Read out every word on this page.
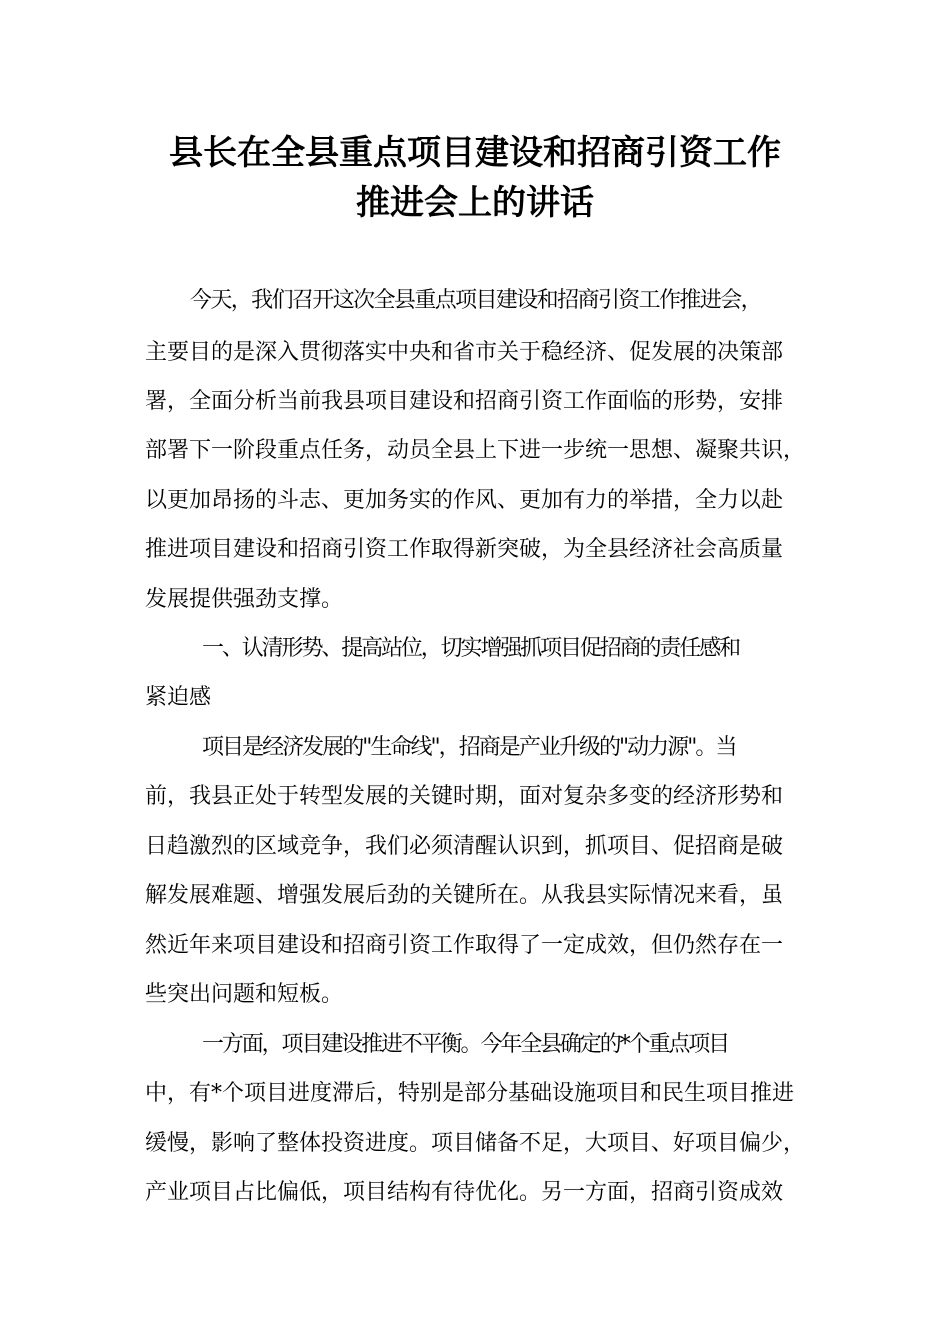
县长在全县重点项目建设和招商引资工作
推进会上的讲话
今天，我们召开这次全县重点项目建设和招商引资工作推进会，
主要目的是深入贯彻落实中央和省市关于稳经济、促发展的决策部
署，全面分析当前我县项目建设和招商引资工作面临的形势，安排
部署下一阶段重点任务，动员全县上下进一步统一思想、凝聚共识，
以更加昂扬的斗志、更加务实的作风、更加有力的举措，全力以赴
推进项目建设和招商引资工作取得新突破，为全县经济社会高质量
发展提供强劲支撑。
一、认清形势、提高站位，切实增强抓项目促招商的责任感和
紧迫感
项目是经济发展的"生命线"，招商是产业升级的"动力源"。当
前，我县正处于转型发展的关键时期，面对复杂多变的经济形势和
日趋激烈的区域竞争，我们必须清醒认识到，抓项目、促招商是破
解发展难题、增强发展后劲的关键所在。从我县实际情况来看，虽
然近年来项目建设和招商引资工作取得了一定成效，但仍然存在一
些突出问题和短板。
一方面，项目建设推进不平衡。今年全县确定的*个重点项目
中，有*个项目进度滞后，特别是部分基础设施项目和民生项目推进
缓慢，影响了整体投资进度。项目储备不足，大项目、好项目偏少，
产业项目占比偏低，项目结构有待优化。另一方面，招商引资成效
